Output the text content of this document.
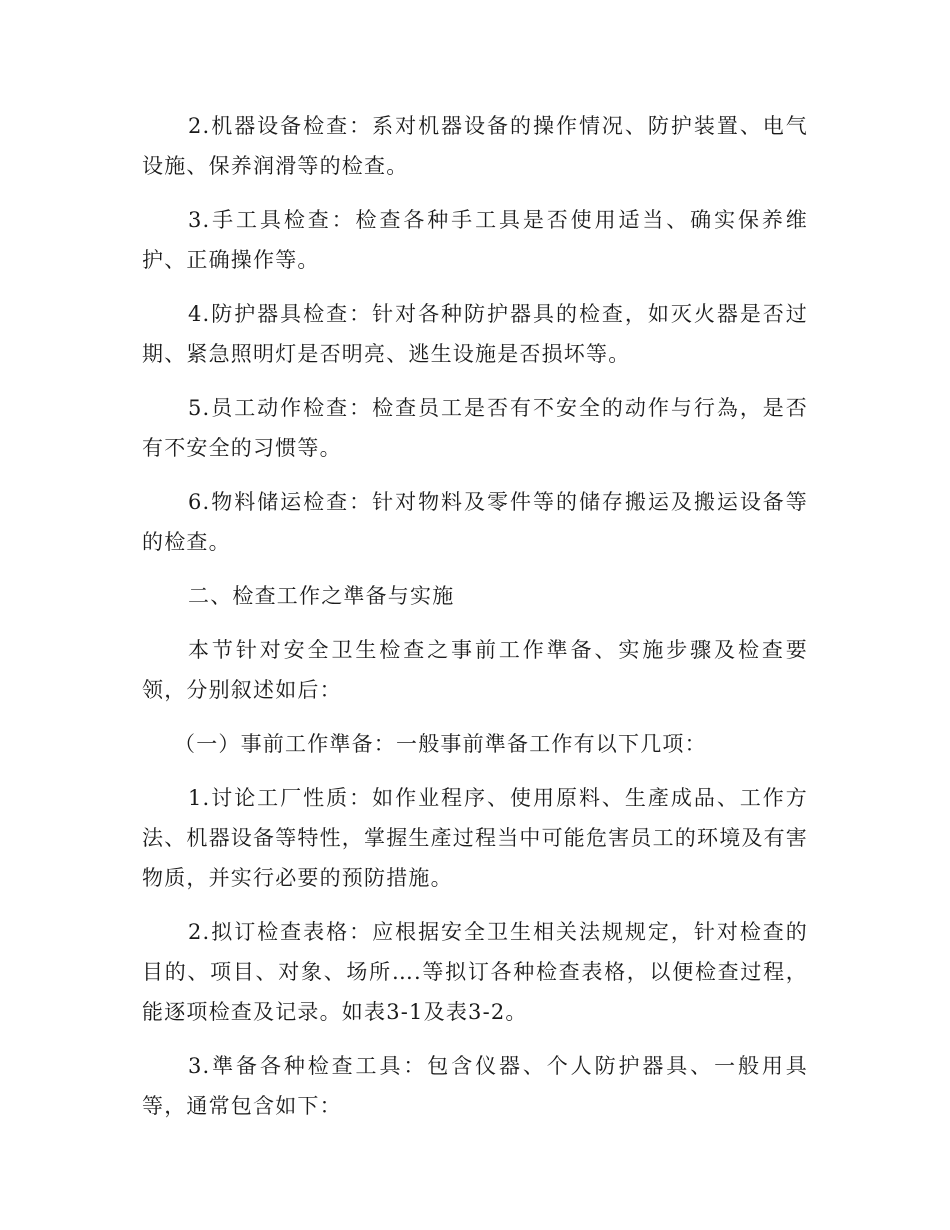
2.机器设备检查：系对机器设备的操作情况、防护装置、电气设施、保养润滑等的检查。

3.手工具检查：检查各种手工具是否使用适当、确实保养维护、正确操作等。

4.防护器具检查：针对各种防护器具的检查，如灭火器是否过期、紧急照明灯是否明亮、逃生设施是否损坏等。

5.员工动作检查：检查员工是否有不安全的动作与行為，是否有不安全的习惯等。

6.物料储运检查：针对物料及零件等的储存搬运及搬运设备等的检查。

二、检查工作之準备与实施

本节针对安全卫生检查之事前工作準备、实施步骤及检查要领，分别叙述如后：

（一）事前工作準备：一般事前準备工作有以下几项：

1.讨论工厂性质：如作业程序、使用原料、生產成品、工作方法、机器设备等特性，掌握生產过程当中可能危害员工的环境及有害物质，并实行必要的预防措施。

2.拟订检查表格：应根据安全卫生相关法规规定，针对检查的目的、项目、对象、场所….等拟订各种检查表格，以便检查过程，能逐项检查及记录。如表3-1及表3-2。

3.準备各种检查工具：包含仪器、个人防护器具、一般用具等，通常包含如下：
